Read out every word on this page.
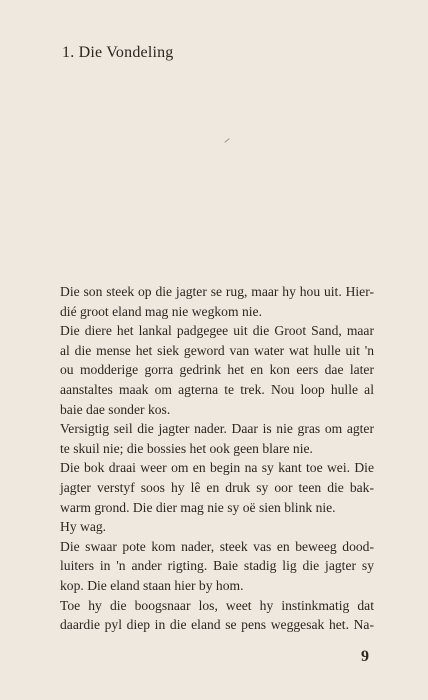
1. Die Vondeling
Die son steek op die jagter se rug, maar hy hou uit. Hier-
dié groot eland mag nie wegkom nie.
Die diere het lankal padgegee uit die Groot Sand, maar
al die mense het siek geword van water wat hulle uit 'n
ou modderige gorra gedrink het en kon eers dae later
aanstaltes maak om agterna te trek. Nou loop hulle al
baie dae sonder kos.
Versigtig seil die jagter nader. Daar is nie gras om agter
te skuil nie; die bossies het ook geen blare nie.
Die bok draai weer om en begin na sy kant toe wei. Die
jagter verstyf soos hy lê en druk sy oor teen die bak-
warm grond. Die dier mag nie sy oë sien blink nie.
Hy wag.
Die swaar pote kom nader, steek vas en beweeg dood-
luiters in 'n ander rigting. Baie stadig lig die jagter sy
kop. Die eland staan hier by hom.
Toe hy die boogsnaar los, weet hy instinkmatig dat
daardie pyl diep in die eland se pens weggesak het. Na-
9
